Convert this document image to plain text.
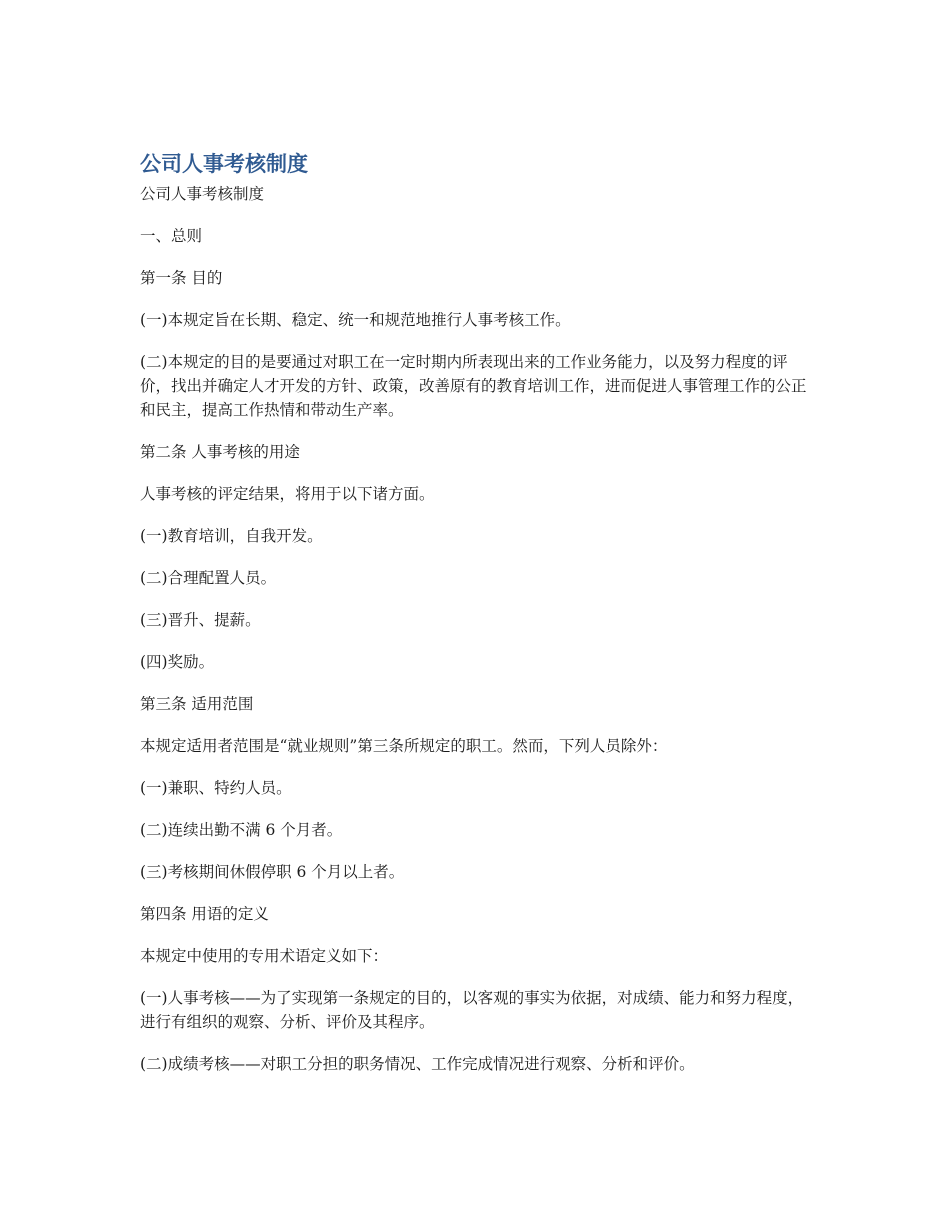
公司人事考核制度

公司人事考核制度

一、总则

第一条 目的

(一)本规定旨在长期、稳定、统一和规范地推行人事考核工作。

(二)本规定的目的是要通过对职工在一定时期内所表现出来的工作业务能力，以及努力程度的评价，找出并确定人才开发的方针、政策，改善原有的教育培训工作，进而促进人事管理工作的公正和民主，提高工作热情和带动生产率。

第二条 人事考核的用途

人事考核的评定结果，将用于以下诸方面。

(一)教育培训，自我开发。

(二)合理配置人员。

(三)晋升、提薪。

(四)奖励。

第三条 适用范围

本规定适用者范围是“就业规则”第三条所规定的职工。然而，下列人员除外：

(一)兼职、特约人员。

(二)连续出勤不满 6 个月者。

(三)考核期间休假停职 6 个月以上者。

第四条 用语的定义

本规定中使用的专用术语定义如下：

(一)人事考核——为了实现第一条规定的目的，以客观的事实为依据，对成绩、能力和努力程度，进行有组织的观察、分析、评价及其程序。

(二)成绩考核——对职工分担的职务情况、工作完成情况进行观察、分析和评价。
